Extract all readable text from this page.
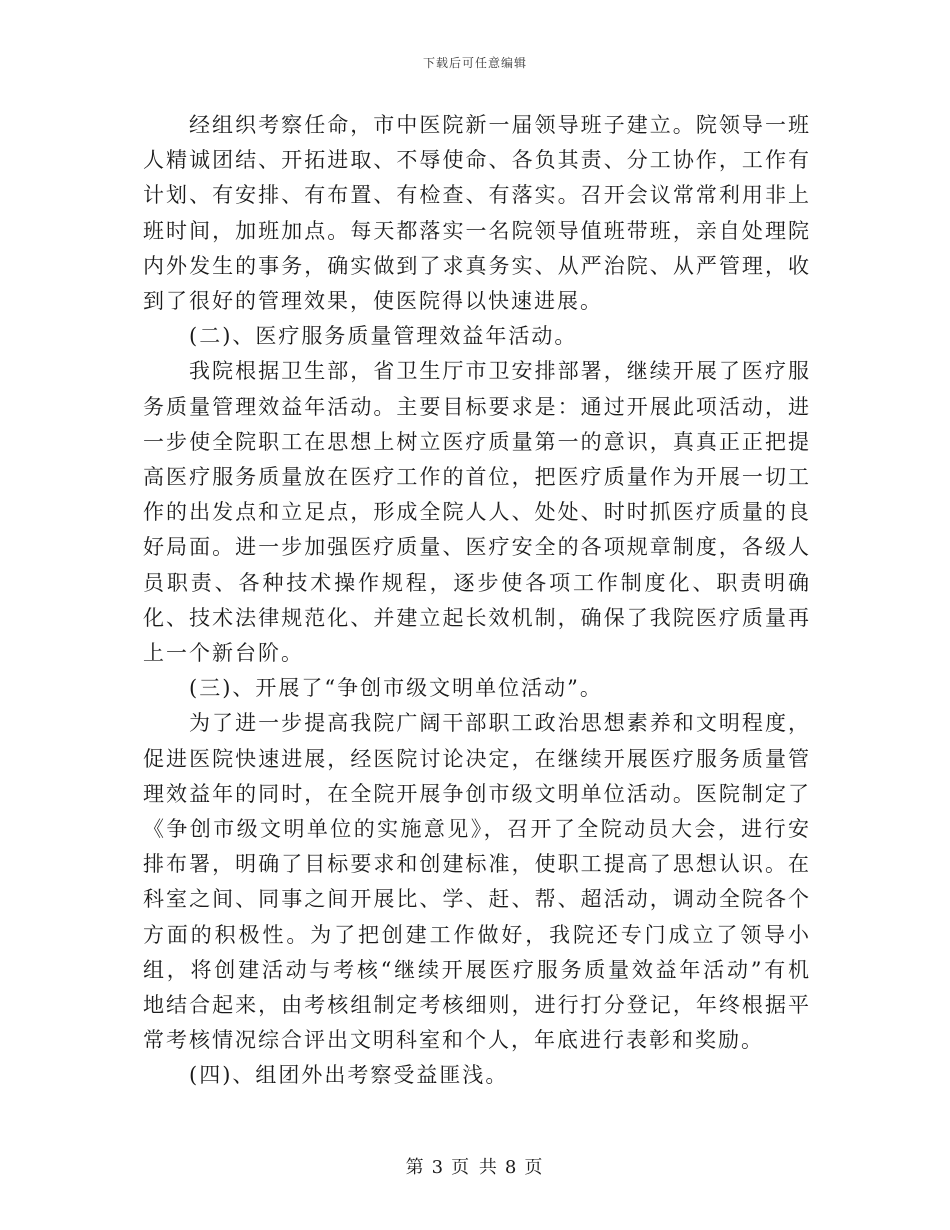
下载后可任意编辑

经组织考察任命，市中医院新一届领导班子建立。院领导一班人精诚团结、开拓进取、不辱使命、各负其责、分工协作，工作有计划、有安排、有布置、有检查、有落实。召开会议常常利用非上班时间，加班加点。每天都落实一名院领导值班带班，亲自处理院内外发生的事务，确实做到了求真务实、从严治院、从严管理，收到了很好的管理效果，使医院得以快速进展。

(二)、医疗服务质量管理效益年活动。

我院根据卫生部，省卫生厅市卫安排部署，继续开展了医疗服务质量管理效益年活动。主要目标要求是：通过开展此项活动，进一步使全院职工在思想上树立医疗质量第一的意识，真真正正把提高医疗服务质量放在医疗工作的首位，把医疗质量作为开展一切工作的出发点和立足点，形成全院人人、处处、时时抓医疗质量的良好局面。进一步加强医疗质量、医疗安全的各项规章制度，各级人员职责、各种技术操作规程，逐步使各项工作制度化、职责明确化、技术法律规范化、并建立起长效机制，确保了我院医疗质量再上一个新台阶。

(三)、开展了“争创市级文明单位活动”。

为了进一步提高我院广阔干部职工政治思想素养和文明程度，促进医院快速进展，经医院讨论决定，在继续开展医疗服务质量管理效益年的同时，在全院开展争创市级文明单位活动。医院制定了《争创市级文明单位的实施意见》，召开了全院动员大会，进行安排布署，明确了目标要求和创建标准，使职工提高了思想认识。在科室之间、同事之间开展比、学、赶、帮、超活动，调动全院各个方面的积极性。为了把创建工作做好，我院还专门成立了领导小组，将创建活动与考核“继续开展医疗服务质量效益年活动”有机地结合起来，由考核组制定考核细则，进行打分登记，年终根据平常考核情况综合评出文明科室和个人，年底进行表彰和奖励。

(四)、组团外出考察受益匪浅。

第 3 页 共 8 页
